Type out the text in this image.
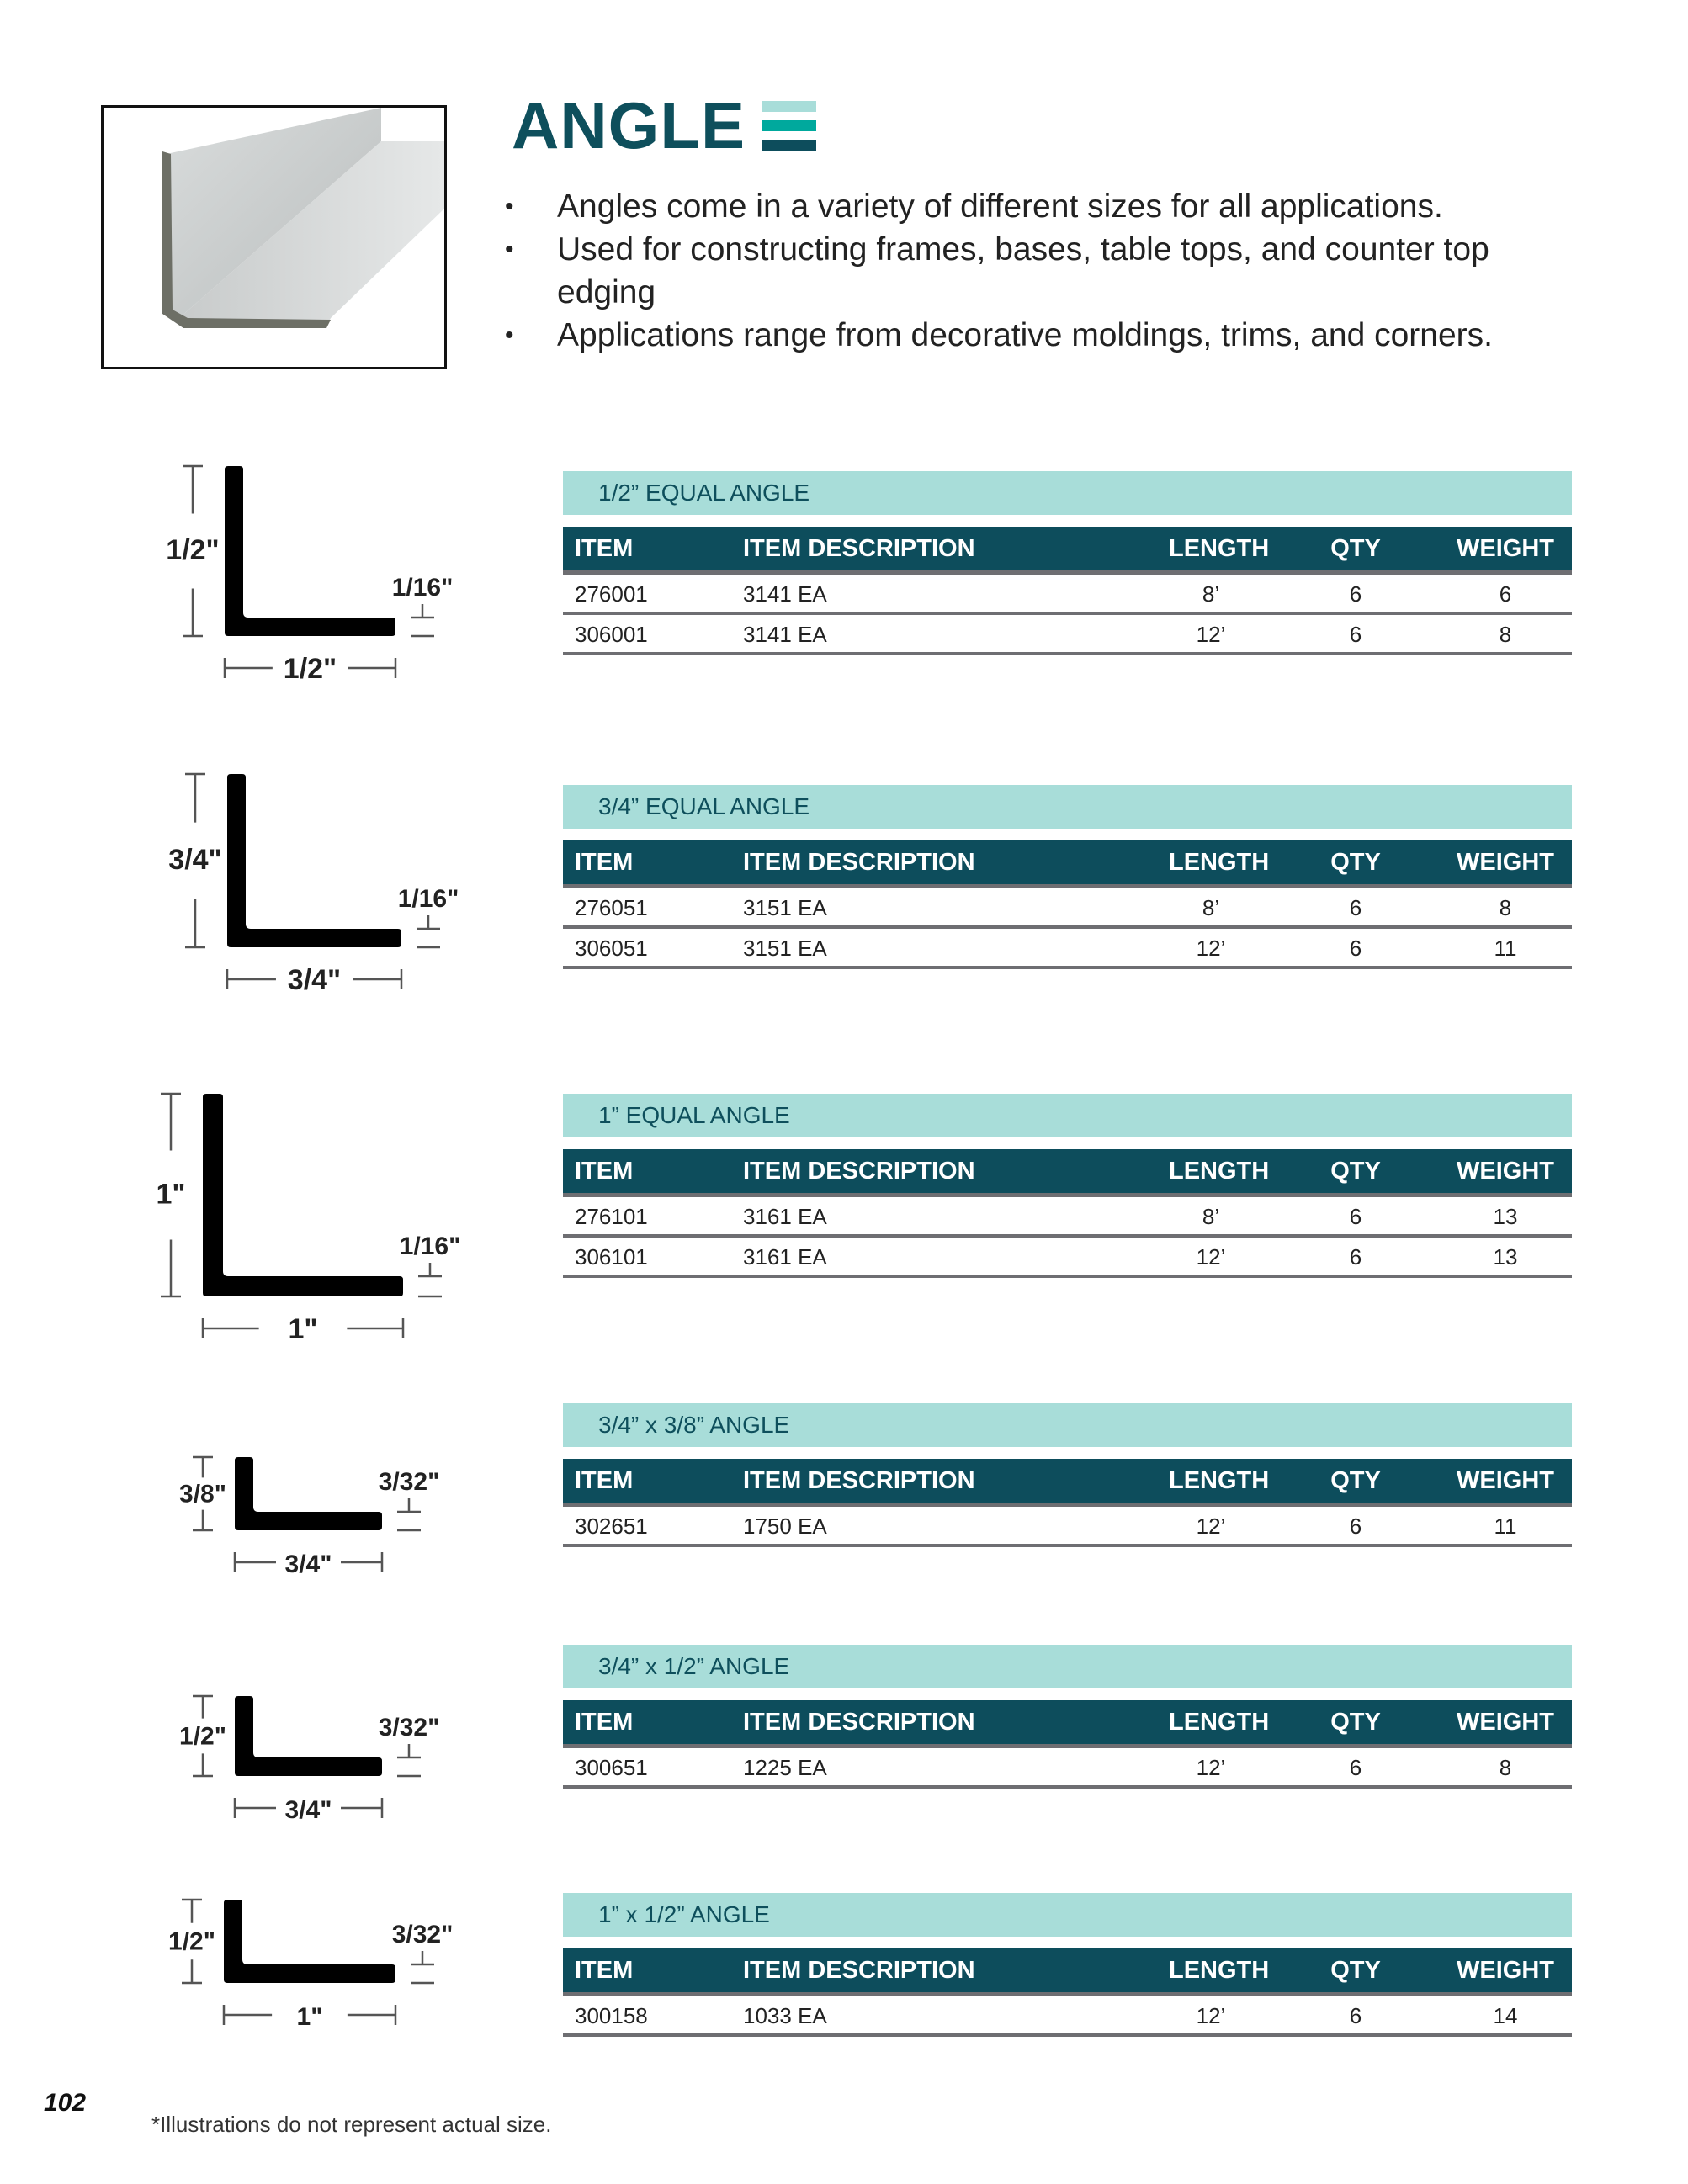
ANGLE
• Angles come in a variety of different sizes for all applications.
• Used for constructing frames, bases, table tops, and counter top edging
• Applications range from decorative moldings, trims, and corners.
1/2” EQUAL ANGLE
ITEM	ITEM DESCRIPTION	LENGTH	QTY	WEIGHT
276001	3141 EA	8’	6	6
306001	3141 EA	12’	6	8
3/4” EQUAL ANGLE
ITEM	ITEM DESCRIPTION	LENGTH	QTY	WEIGHT
276051	3151 EA	8’	6	8
306051	3151 EA	12’	6	11
1” EQUAL ANGLE
ITEM	ITEM DESCRIPTION	LENGTH	QTY	WEIGHT
276101	3161 EA	8’	6	13
306101	3161 EA	12’	6	13
3/4” x 3/8” ANGLE
ITEM	ITEM DESCRIPTION	LENGTH	QTY	WEIGHT
302651	1750 EA	12’	6	11
3/4” x 1/2” ANGLE
ITEM	ITEM DESCRIPTION	LENGTH	QTY	WEIGHT
300651	1225 EA	12’	6	8
1” x 1/2” ANGLE
ITEM	ITEM DESCRIPTION	LENGTH	QTY	WEIGHT
300158	1033 EA	12’	6	14
1/2"
1/2"
1/16"
3/4"
3/4"
1/16"
1"
1"
1/16"
3/8"
3/4"
3/32"
1/2"
3/4"
3/32"
1/2"
1"
3/32"
102
*Illustrations do not represent actual size.
